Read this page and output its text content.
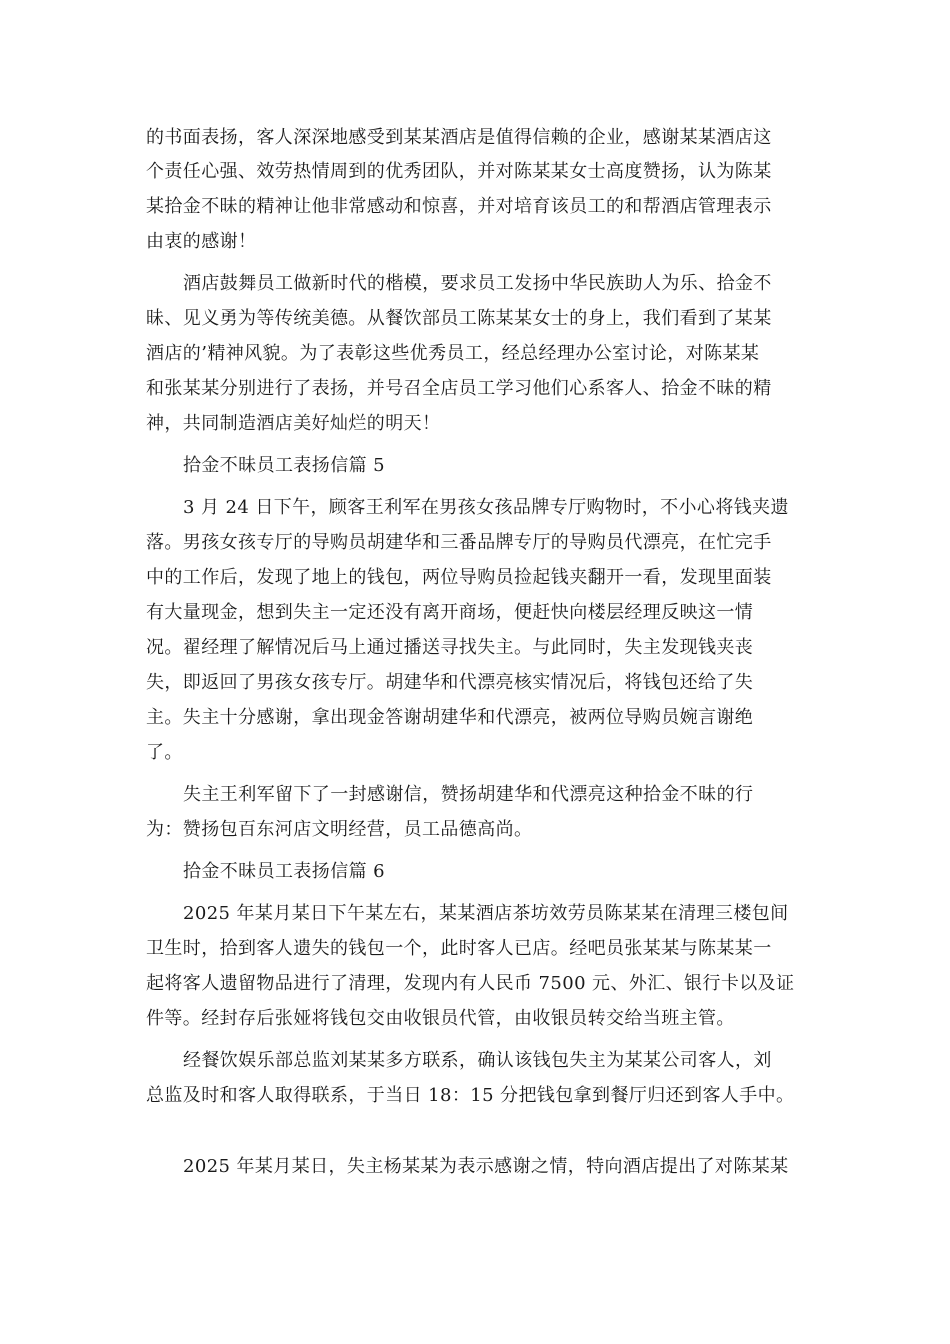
的书面表扬，客人深深地感受到某某酒店是值得信赖的企业，感谢某某酒店这
个责任心强、效劳热情周到的优秀团队，并对陈某某女士高度赞扬，认为陈某
某拾金不昧的精神让他非常感动和惊喜，并对培育该员工的和帮酒店管理表示
由衷的感谢！
酒店鼓舞员工做新时代的楷模，要求员工发扬中华民族助人为乐、拾金不
昧、见义勇为等传统美德。从餐饮部员工陈某某女士的身上，我们看到了某某
酒店的’精神风貌。为了表彰这些优秀员工，经总经理办公室讨论，对陈某某
和张某某分别进行了表扬，并号召全店员工学习他们心系客人、拾金不昧的精
神，共同制造酒店美好灿烂的明天！
拾金不昧员工表扬信篇 5
3 月 24 日下午，顾客王利军在男孩女孩品牌专厅购物时，不小心将钱夹遗
落。男孩女孩专厅的导购员胡建华和三番品牌专厅的导购员代漂亮，在忙完手
中的工作后，发现了地上的钱包，两位导购员捡起钱夹翻开一看，发现里面装
有大量现金，想到失主一定还没有离开商场，便赶快向楼层经理反映这一情
况。翟经理了解情况后马上通过播送寻找失主。与此同时，失主发现钱夹丧
失，即返回了男孩女孩专厅。胡建华和代漂亮核实情况后，将钱包还给了失
主。失主十分感谢，拿出现金答谢胡建华和代漂亮，被两位导购员婉言谢绝
了。
失主王利军留下了一封感谢信，赞扬胡建华和代漂亮这种拾金不昧的行
为：赞扬包百东河店文明经营，员工品德高尚。
拾金不昧员工表扬信篇 6
2025 年某月某日下午某左右，某某酒店茶坊效劳员陈某某在清理三楼包间
卫生时，拾到客人遗失的钱包一个，此时客人已店。经吧员张某某与陈某某一
起将客人遗留物品进行了清理，发现内有人民币 7500 元、外汇、银行卡以及证
件等。经封存后张娅将钱包交由收银员代管，由收银员转交给当班主管。
经餐饮娱乐部总监刘某某多方联系，确认该钱包失主为某某公司客人，刘
总监及时和客人取得联系，于当日 18：15 分把钱包拿到餐厅归还到客人手中。
2025 年某月某日，失主杨某某为表示感谢之情，特向酒店提出了对陈某某
